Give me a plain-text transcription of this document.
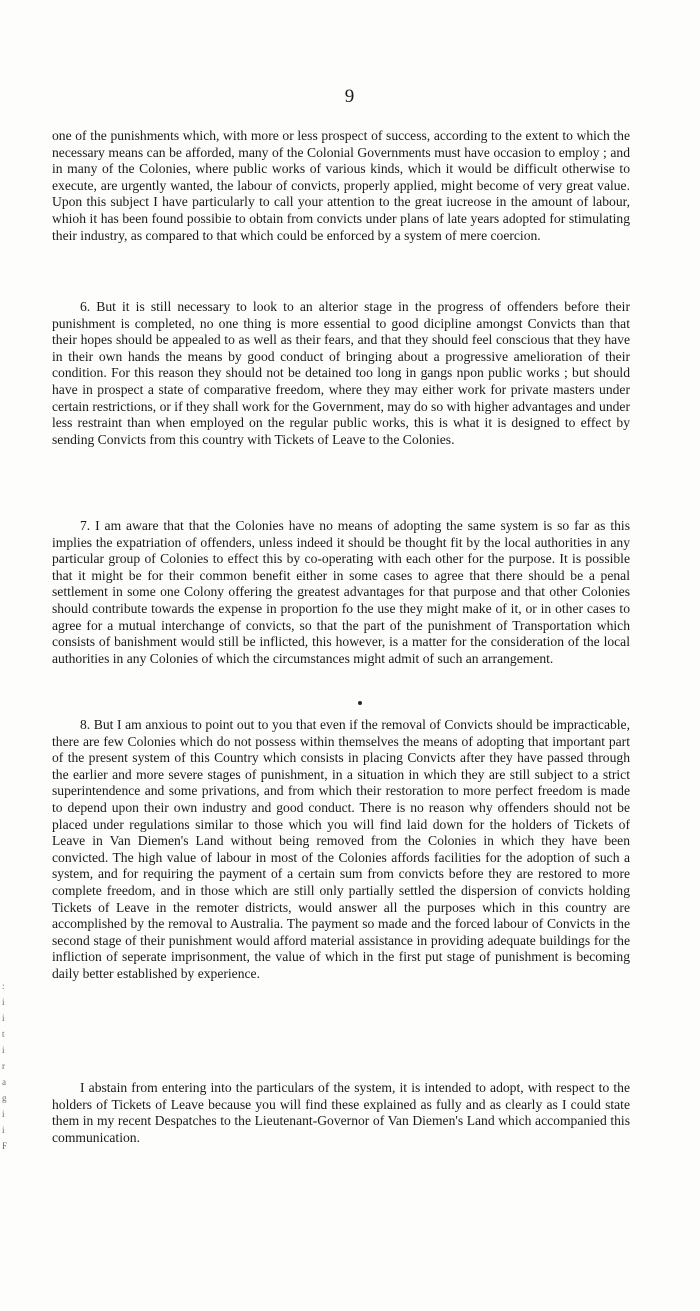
9

one of the punishments which, with more or less prospect of success, according to the extent to which the necessary means can be afforded, many of the Colonial Governments must have occasion to employ ; and in many of the Colonies, where public works of various kinds, which it would be difficult otherwise to execute, are urgently wanted, the labour of convicts, properly applied, might become of very great value. Upon this subject I have particularly to call your attention to the great iucreose in the amount of labour, whioh it has been found possibie to obtain from convicts under plans of late years adopted for stimulating their industry, as compared to that which could be enforced by a system of mere coercion.

6. But it is still necessary to look to an alterior stage in the progress of offenders before their punishment is completed, no one thing is more essential to good dicipline amongst Convicts than that their hopes should be appealed to as well as their fears, and that they should feel conscious that they have in their own hands the means by good conduct of bringing about a progressive amelioration of their condition. For this reason they should not be detained too long in gangs npon public works ; but should have in prospect a state of comparative freedom, where they may either work for private masters under certain restrictions, or if they shall work for the Government, may do so with higher advantages and under less restraint than when employed on the regular public works, this is what it is designed to effect by sending Convicts from this country with Tickets of Leave to the Colonies.

7. I am aware that that the Colonies have no means of adopting the same system is so far as this implies the expatriation of offenders, unless indeed it should be thought fit by the local authorities in any particular group of Colonies to effect this by co-operating with each other for the purpose. It is possible that it might be for their common benefit either in some cases to agree that there should be a penal settlement in some one Colony offering the greatest advantages for that purpose and that other Colonies should contribute towards the expense in proportion fo the use they might make of it, or in other cases to agree for a mutual interchange of convicts, so that the part of the punishment of Transportation which consists of banishment would still be inflicted, this however, is a matter for the consideration of the local authorities in any Colonies of which the circumstances might admit of such an arrangement.

8. But I am anxious to point out to you that even if the removal of Convicts should be impracticable, there are few Colonies which do not possess within themselves the means of adopting that important part of the present system of this Country which consists in placing Convicts after they have passed through the earlier and more severe stages of punishment, in a situation in which they are still subject to a strict superintendence and some privations, and from which their restoration to more perfect freedom is made to depend upon their own industry and good conduct. There is no reason why offenders should not be placed under regulations similar to those which you will find laid down for the holders of Tickets of Leave in Van Diemen's Land without being removed from the Colonies in which they have been convicted. The high value of labour in most of the Colonies affords facilities for the adoption of such a system, and for requiring the payment of a certain sum from convicts before they are restored to more complete freedom, and in those which are still only partially settled the dispersion of convicts holding Tickets of Leave in the remoter districts, would answer all the purposes which in this country are accomplished by the removal to Australia. The payment so made and the forced labour of Convicts in the second stage of their punishment would afford material assistance in providing adequate buildings for the infliction of seperate imprisonment, the value of which in the first put stage of punishment is becoming daily better established by experience.

I abstain from entering into the particulars of the system, it is intended to adopt, with respect to the holders of Tickets of Leave because you will find these explained as fully and as clearly as I could state them in my recent Despatches to the Lieutenant-Governor of Van Diemen's Land which accompanied this communication.

:
i
i
t
i
r
a
g
i
i
F
